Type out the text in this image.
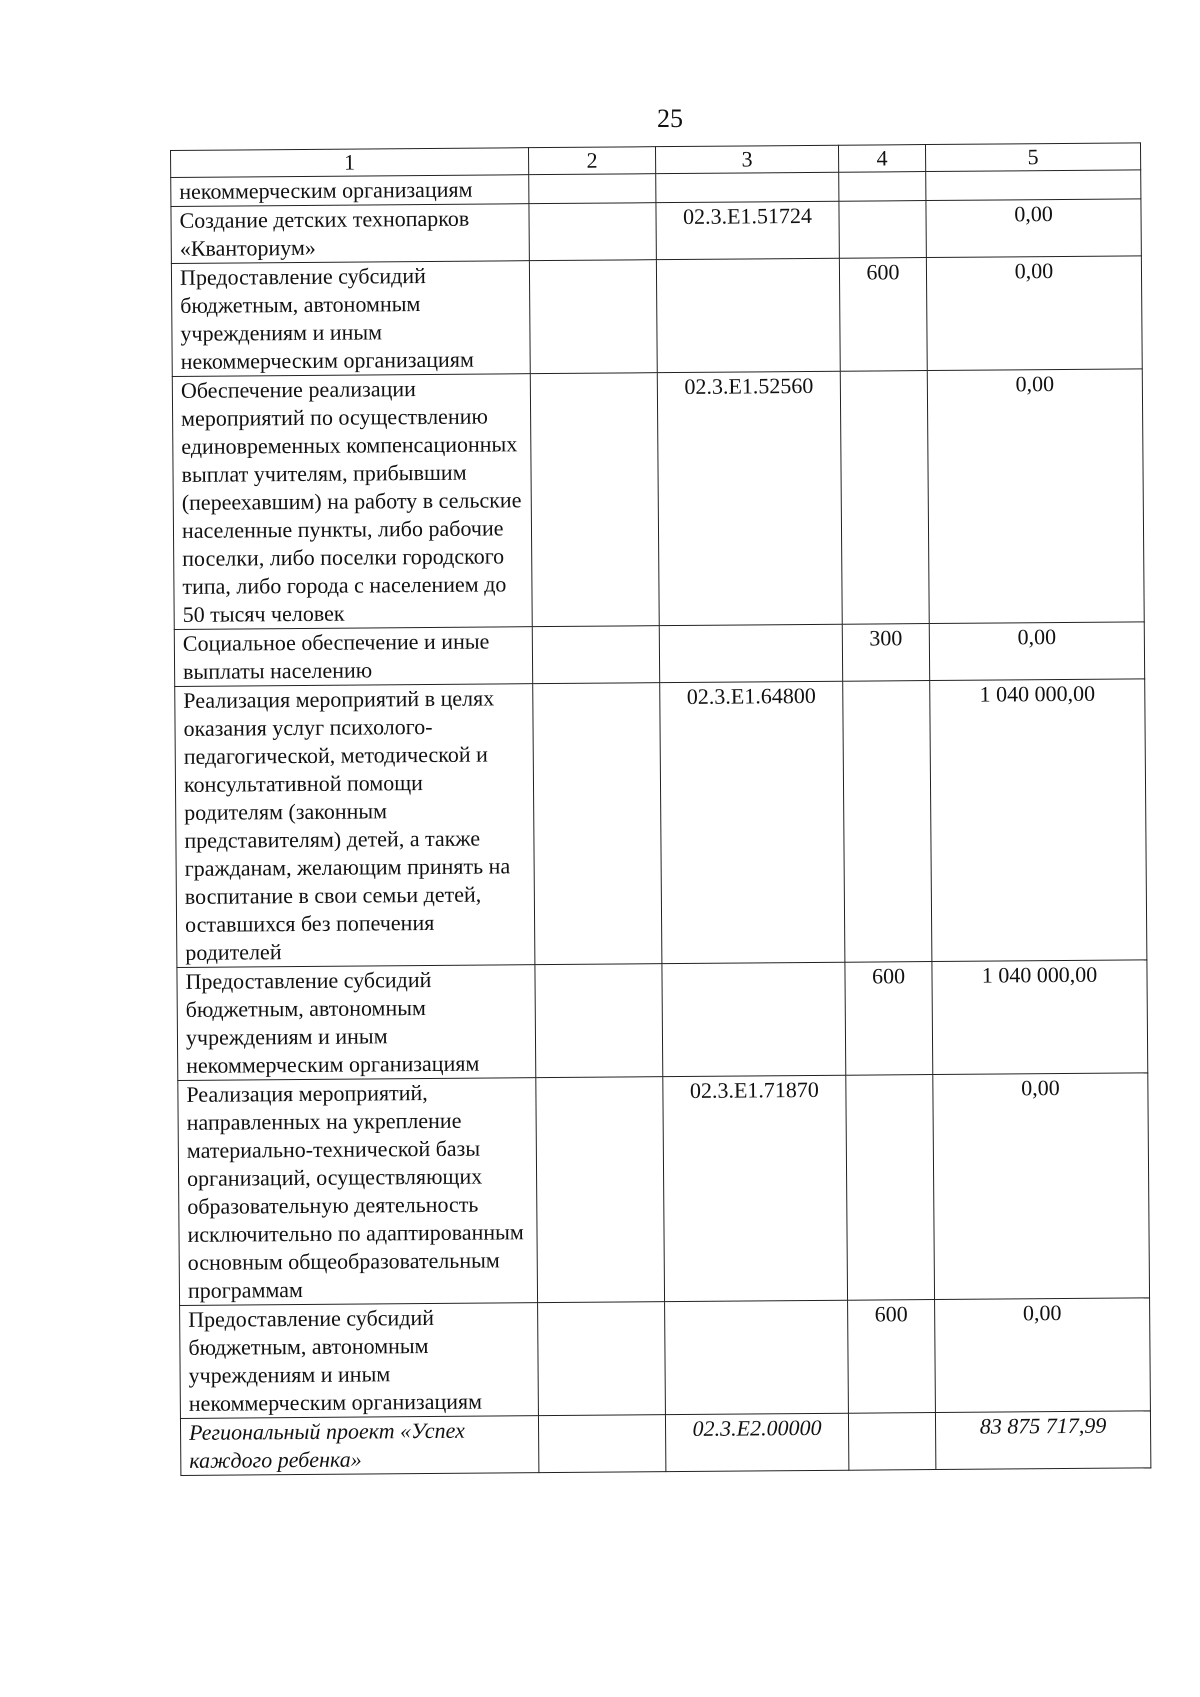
25
1	2	3	4	5
некоммерческим организациям				
Создание детских технопарков «Кванториум»		02.3.Е1.51724		0,00
Предоставление субсидий бюджетным, автономным учреждениям и иным некоммерческим организациям			600	0,00
Обеспечение реализации мероприятий по осуществлению единовременных компенсационных выплат учителям, прибывшим (переехавшим) на работу в сельские населенные пункты, либо рабочие поселки, либо поселки городского типа, либо города с населением до 50 тысяч человек		02.3.Е1.52560		0,00
Социальное обеспечение и иные выплаты населению			300	0,00
Реализация мероприятий в целях оказания услуг психолого-педагогической, методической и консультативной помощи родителям (законным представителям) детей, а также гражданам, желающим принять на воспитание в свои семьи детей, оставшихся без попечения родителей		02.3.Е1.64800		1 040 000,00
Предоставление субсидий бюджетным, автономным учреждениям и иным некоммерческим организациям			600	1 040 000,00
Реализация мероприятий, направленных на укрепление материально-технической базы организаций, осуществляющих образовательную деятельность исключительно по адаптированным основным общеобразовательным программам		02.3.Е1.71870		0,00
Предоставление субсидий бюджетным, автономным учреждениям и иным некоммерческим организациям			600	0,00
Региональный проект «Успех каждого ребенка»		02.3.Е2.00000		83 875 717,99
